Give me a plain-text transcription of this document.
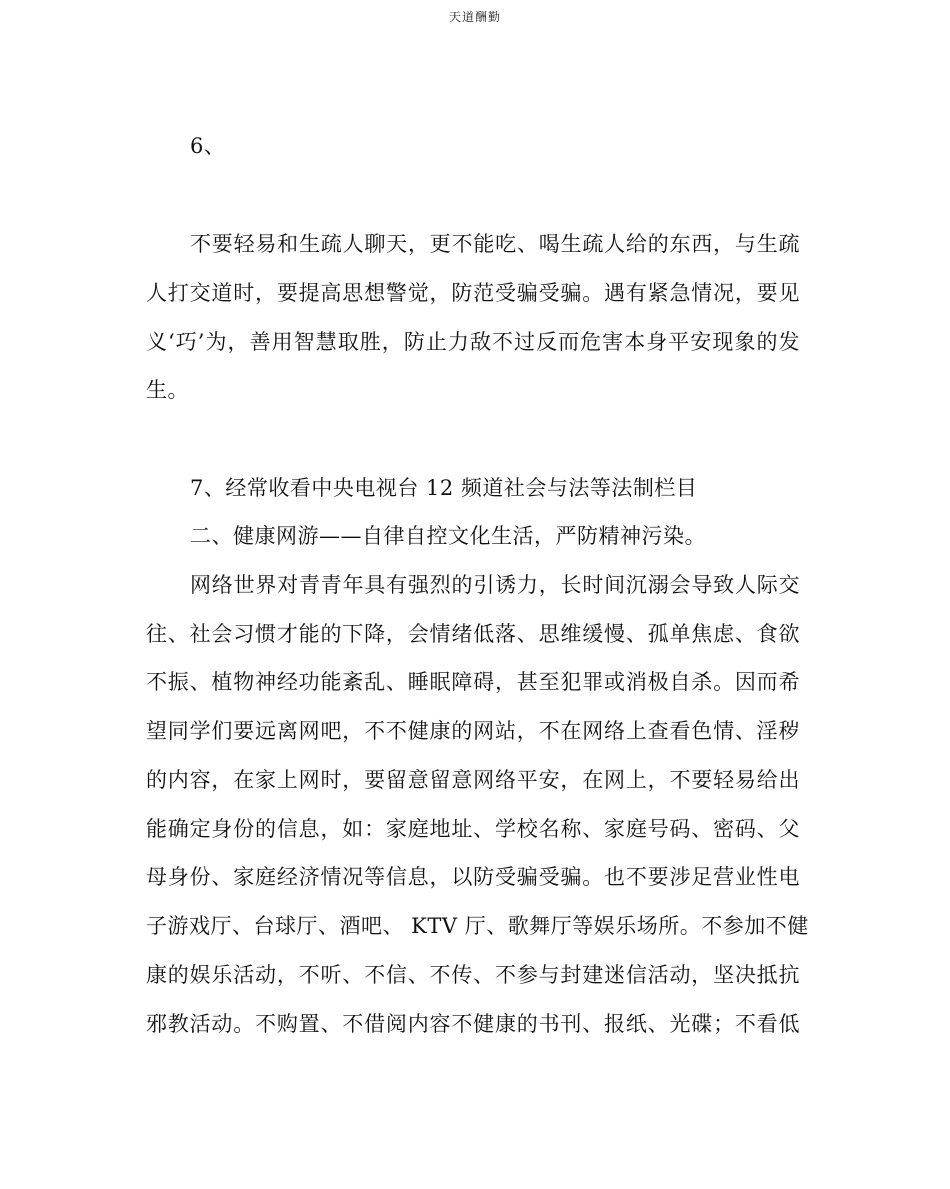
天道酬勤
6、
不要轻易和生疏人聊天，更不能吃、喝生疏人给的东西，与生疏
人打交道时，要提高思想警觉，防范受骗受骗。遇有紧急情况，要见
义‘巧’为，善用智慧取胜，防止力敌不过反而危害本身平安现象的发
生。
7、经常收看中央电视台 12 频道社会与法等法制栏目
二、健康网游——自律自控文化生活，严防精神污染。
网络世界对青青年具有强烈的引诱力，长时间沉溺会导致人际交
往、社会习惯才能的下降，会情绪低落、思维缓慢、孤单焦虑、食欲
不振、植物神经功能紊乱、睡眠障碍，甚至犯罪或消极自杀。因而希
望同学们要远离网吧，不不健康的网站，不在网络上查看色情、淫秽
的内容，在家上网时，要留意留意网络平安，在网上，不要轻易给出
能确定身份的信息，如：家庭地址、学校名称、家庭号码、密码、父
母身份、家庭经济情况等信息，以防受骗受骗。也不要涉足营业性电
子游戏厅、台球厅、酒吧、 KTV 厅、歌舞厅等娱乐场所。不参加不健
康的娱乐活动，不听、不信、不传、不参与封建迷信活动，坚决抵抗
邪教活动。不购置、不借阅内容不健康的书刊、报纸、光碟；不看低
